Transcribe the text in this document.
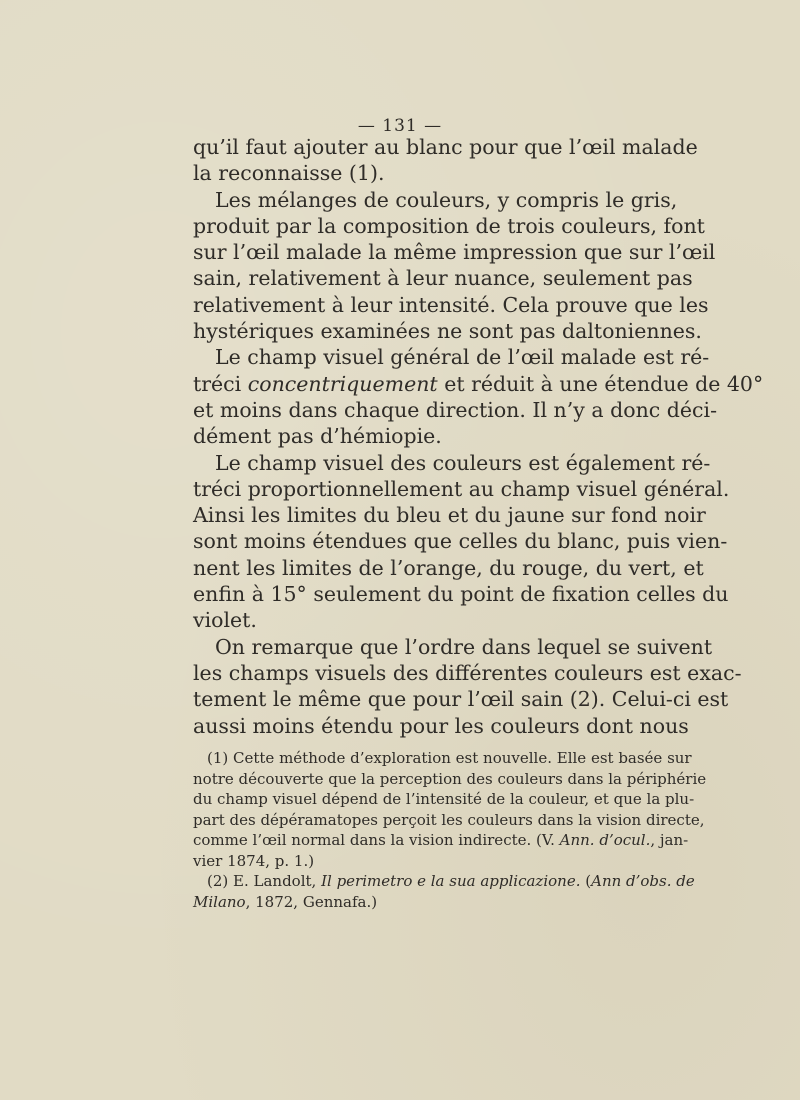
— 131 —
qu’il faut ajouter au blanc pour que l’œil malade
la reconnaisse (1).
Les mélanges de couleurs, y compris le gris,
produit par la composition de trois couleurs, font
sur l’œil malade la même impression que sur l’œil
sain, relativement à leur nuance, seulement pas
relativement à leur intensité. Cela prouve que les
hystériques examinées ne sont pas daltoniennes.
Le champ visuel général de l’œil malade est ré-
tréci concentriquement et réduit à une étendue de 40°
et moins dans chaque direction. Il n’y a donc déci-
dément pas d’hémiopie.
Le champ visuel des couleurs est également ré-
tréci proportionnellement au champ visuel général.
Ainsi les limites du bleu et du jaune sur fond noir
sont moins étendues que celles du blanc, puis vien-
nent les limites de l’orange, du rouge, du vert, et
enfin à 15° seulement du point de fixation celles du
violet.
On remarque que l’ordre dans lequel se suivent
les champs visuels des différentes couleurs est exac-
tement le même que pour l’œil sain (2). Celui-ci est
aussi moins étendu pour les couleurs dont nous
(1) Cette méthode d’exploration est nouvelle. Elle est basée sur
notre découverte que la perception des couleurs dans la périphérie
du champ visuel dépend de l’intensité de la couleur, et que la plu-
part des dépéramatopes perçoit les couleurs dans la vision directe,
comme l’œil normal dans la vision indirecte. (V. Ann. d’ocul., jan-
vier 1874, p. 1.)
(2) E. Landolt, Il perimetro e la sua applicazione. (Ann d’obs. de
Milano, 1872, Gennafa.)
